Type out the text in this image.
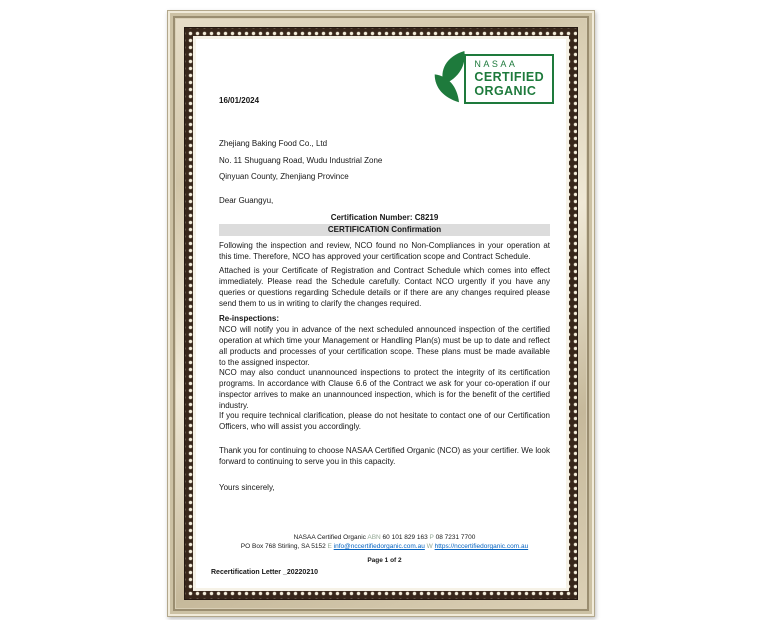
NASAA
CERTIFIED
ORGANIC
16/01/2024
Zhejiang Baking Food Co., Ltd
No. 11 Shuguang Road, Wudu Industrial Zone
Qinyuan County, Zhenjiang Province
Dear Guangyu,
Certification Number: C8219
CERTIFICATION Confirmation
Following the inspection and review, NCO found no Non-Compliances in your operation at this time. Therefore, NCO has approved your certification scope and Contract Schedule.
Attached is your Certificate of Registration and Contract Schedule which comes into effect immediately. Please read the Schedule carefully. Contact NCO urgently if you have any queries or questions regarding Schedule details or if there are any changes required please send them to us in writing to clarify the changes required.
Re-inspections:
NCO will notify you in advance of the next scheduled announced inspection of the certified operation at which time your Management or Handling Plan(s) must be up to date and reflect all products and processes of your certification scope. These plans must be made available to the assigned inspector.
NCO may also conduct unannounced inspections to protect the integrity of its certification programs. In accordance with Clause 6.6 of the Contract we ask for your co-operation if our inspector arrives to make an unannounced inspection, which is for the benefit of the certified industry.
If you require technical clarification, please do not hesitate to contact one of our Certification Officers, who will assist you accordingly.
Thank you for continuing to choose NASAA Certified Organic (NCO) as your certifier. We look forward to continuing to serve you in this capacity.
Yours sincerely,
NASAA Certified Organic ABN 60 101 829 163 P 08 7231 7700
PO Box 768 Stirling, SA 5152 E info@nccertifiedorganic.com.au W https://nccertifiedorganic.com.au
Page 1 of 2
Recertification Letter _20220210
